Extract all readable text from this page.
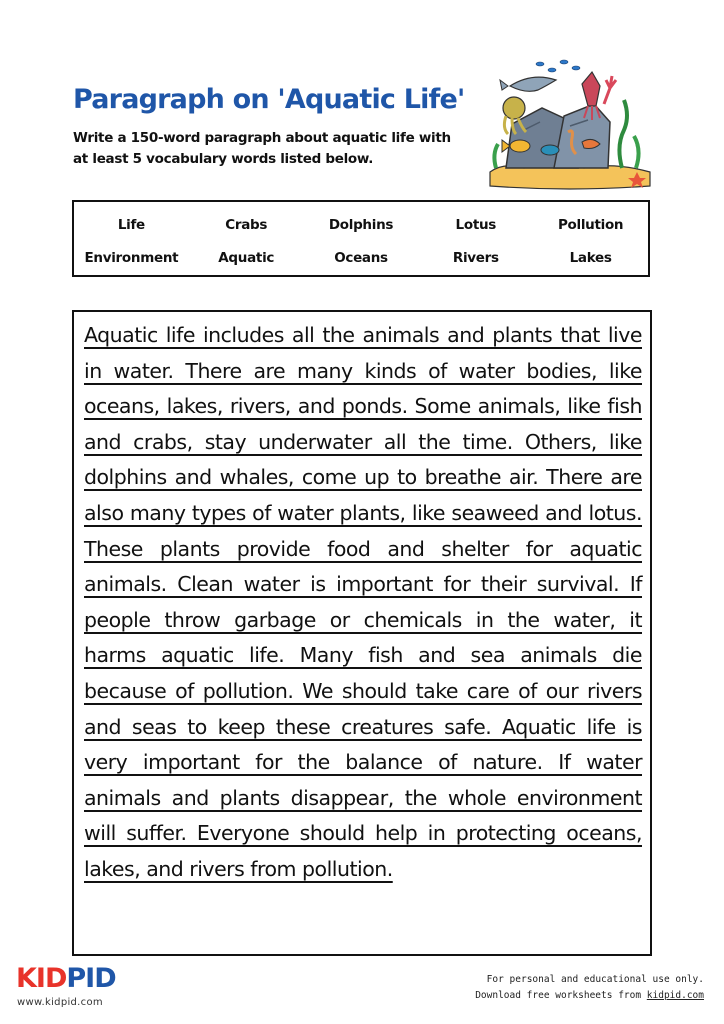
Paragraph on 'Aquatic Life'

Write a 150-word paragraph about aquatic life with at least 5 vocabulary words listed below.

Life	Crabs	Dolphins	Lotus	Pollution
Environment	Aquatic	Oceans	Rivers	Lakes

Aquatic life includes all the animals and plants that live in water. There are many kinds of water bodies, like oceans, lakes, rivers, and ponds. Some animals, like fish and crabs, stay underwater all the time. Others, like dolphins and whales, come up to breathe air. There are also many types of water plants, like seaweed and lotus. These plants provide food and shelter for aquatic animals. Clean water is important for their survival. If people throw garbage or chemicals in the water, it harms aquatic life. Many fish and sea animals die because of pollution. We should take care of our rivers and seas to keep these creatures safe. Aquatic life is very important for the balance of nature. If water animals and plants disappear, the whole environment will suffer. Everyone should help in protecting oceans, lakes, and rivers from pollution.

KIDPID
www.kidpid.com
For personal and educational use only.
Download free worksheets from kidpid.com
